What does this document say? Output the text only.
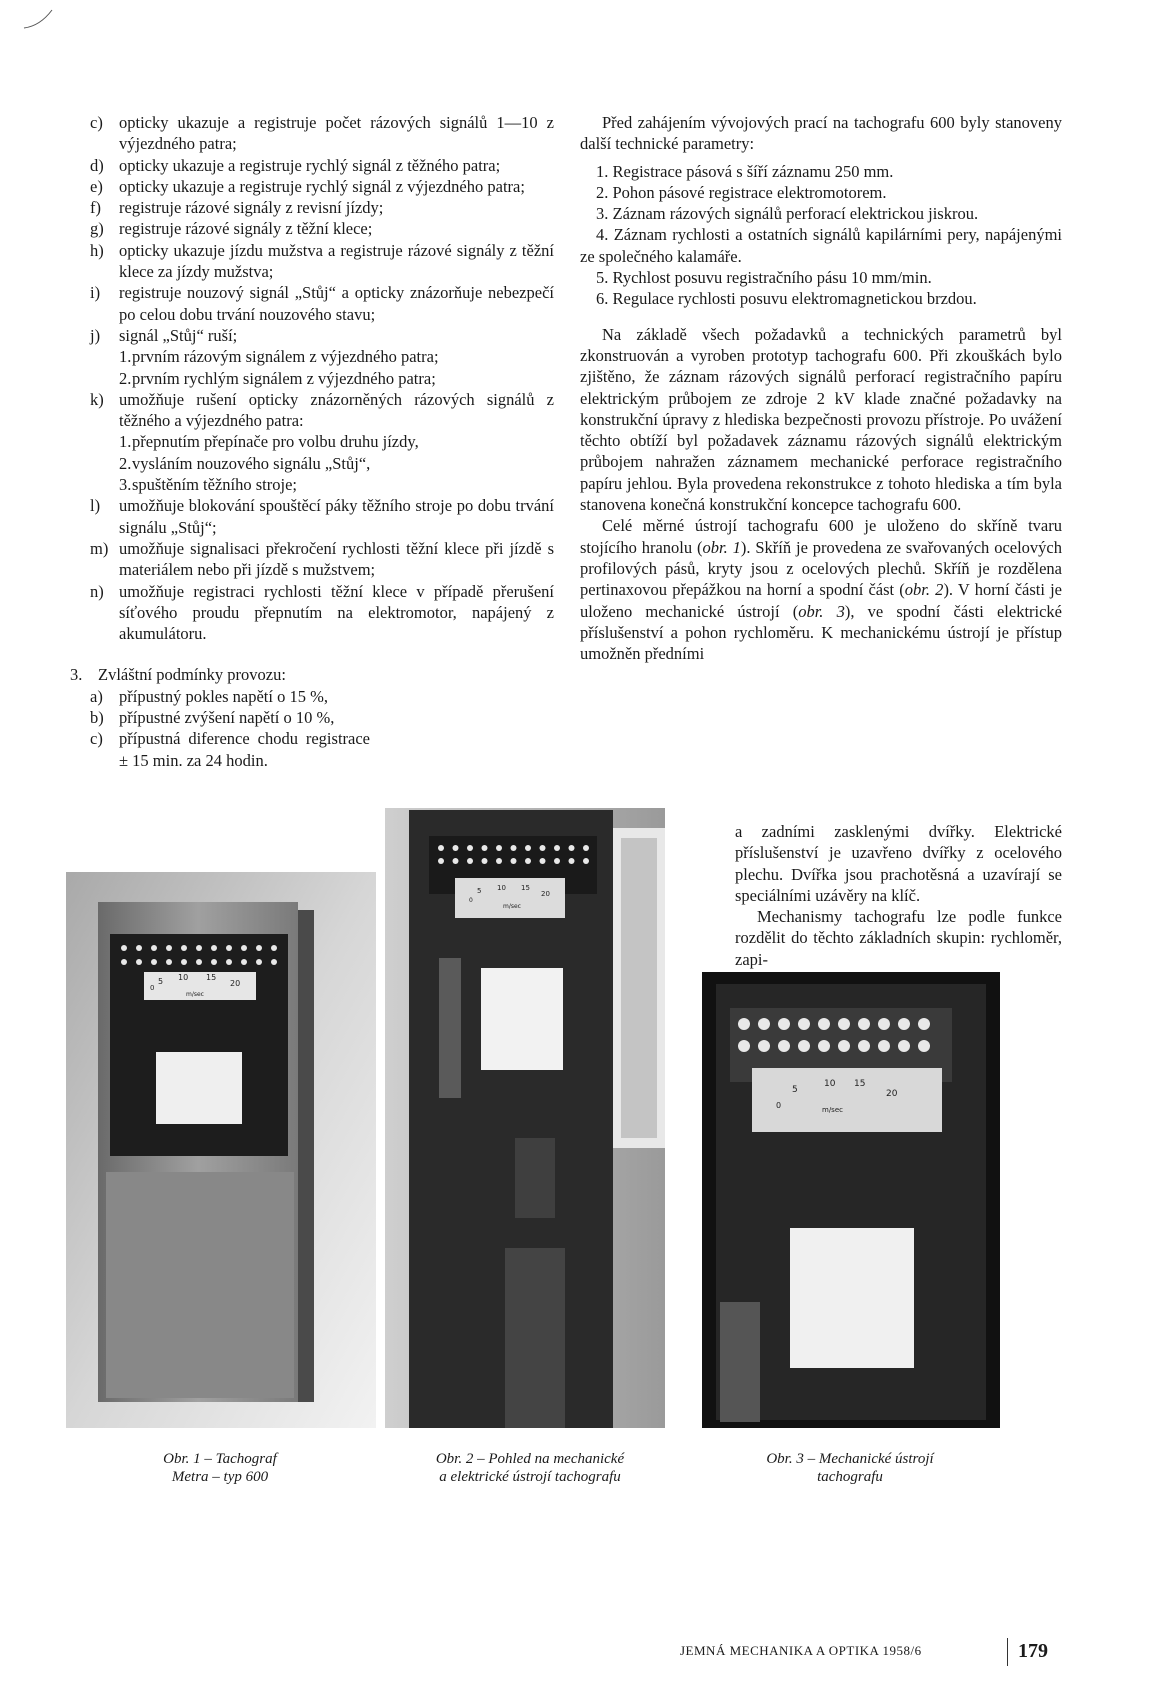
c) opticky ukazuje a registruje počet rázových signálů 1—10 z výjezdného patra;
d) opticky ukazuje a registruje rychlý signál z těžného patra;
e) opticky ukazuje a registruje rychlý signál z výjezdného patra;
f) registruje rázové signály z revisní jízdy;
g) registruje rázové signály z těžní klece;
h) opticky ukazuje jízdu mužstva a registruje rázové signály z těžní klece za jízdy mužstva;
i) registruje nouzový signál „Stůj“ a opticky znázorňuje nebezpečí po celou dobu trvání nouzového stavu;
j) signál „Stůj“ ruší;
1. prvním rázovým signálem z výjezdného patra;
2. prvním rychlým signálem z výjezdného patra;
k) umožňuje rušení opticky znázorněných rázových signálů z těžného a výjezdného patra:
1. přepnutím přepínače pro volbu druhu jízdy,
2. vysláním nouzového signálu „Stůj“,
3. spuštěním těžního stroje;
l) umožňuje blokování spouštěcí páky těžního stroje po dobu trvání signálu „Stůj“;
m) umožňuje signalisaci překročení rychlosti těžní klece při jízdě s materiálem nebo při jízdě s mužstvem;
n) umožňuje registraci rychlosti těžní klece v případě přerušení síťového proudu přepnutím na elektromotor, napájený z akumulátoru.
3. Zvláštní podmínky provozu:
a) přípustný pokles napětí o 15 %,
b) přípustné zvýšení napětí o 10 %,
c) přípustná diference chodu registrace ± 15 min. za 24 hodin.

Před zahájením vývojových prací na tachografu 600 byly stanoveny další technické parametry:

1. Registrace pásová s šíří záznamu 250 mm.

2. Pohon pásové registrace elektromotorem.

3. Záznam rázových signálů perforací elektrickou jiskrou.

4. Záznam rychlosti a ostatních signálů kapilárními pery, napájenými ze společného kalamáře.

5. Rychlost posuvu registračního pásu 10 mm/min.

6. Regulace rychlosti posuvu elektromagnetickou brzdou.

Na základě všech požadavků a technických parametrů byl zkonstruován a vyroben prototyp tachografu 600. Při zkouškách bylo zjištěno, že záznam rázových signálů perforací registračního papíru elektrickým průbojem ze zdroje 2 kV klade značné požadavky na konstrukční úpravy z hlediska bezpečnosti provozu přístroje. Po uvážení těchto obtíží byl požadavek záznamu rázových signálů elektrickým průbojem nahražen záznamem mechanické perforace registračního papíru jehlou. Byla provedena rekonstrukce z tohoto hlediska a tím byla stanovena konečná konstrukční koncepce tachografu 600.

Celé měrné ústrojí tachografu 600 je uloženo do skříně tvaru stojícího hranolu (obr. 1). Skříň je provedena ze svařovaných ocelových profilových pásů, kryty jsou z ocelových plechů. Skříň je rozdělena pertinaxovou přepážkou na horní a spodní část (obr. 2). V horní části je uloženo mechanické ústrojí (obr. 3), ve spodní části elektrické příslušenství a pohon rychloměru. K mechanickému ústrojí je přístup umožněn předními

a zadními zasklenými dvířky. Elektrické příslušenství je uzavřeno dvířky z ocelového plechu. Dvířka jsou prachotěsná a uzavírají se speciálními uzávěry na klíč.

Mechanismy tachografu lze podle funkce rozdělit do těchto základních skupin: rychloměr, zapi-

5 10 15
20
0
m/sec
Obr. 1 – Tachograf
Metra – typ 600
5 10 15
20
0
m/sec
Obr. 2 – Pohled na mechanické
a elektrické ústrojí tachografu
5
10 15
20
0	m/sec
Obr. 3 – Mechanické ústrojí
tachografu
JEMNÁ MECHANIKA A OPTIKA 1958/6	179
